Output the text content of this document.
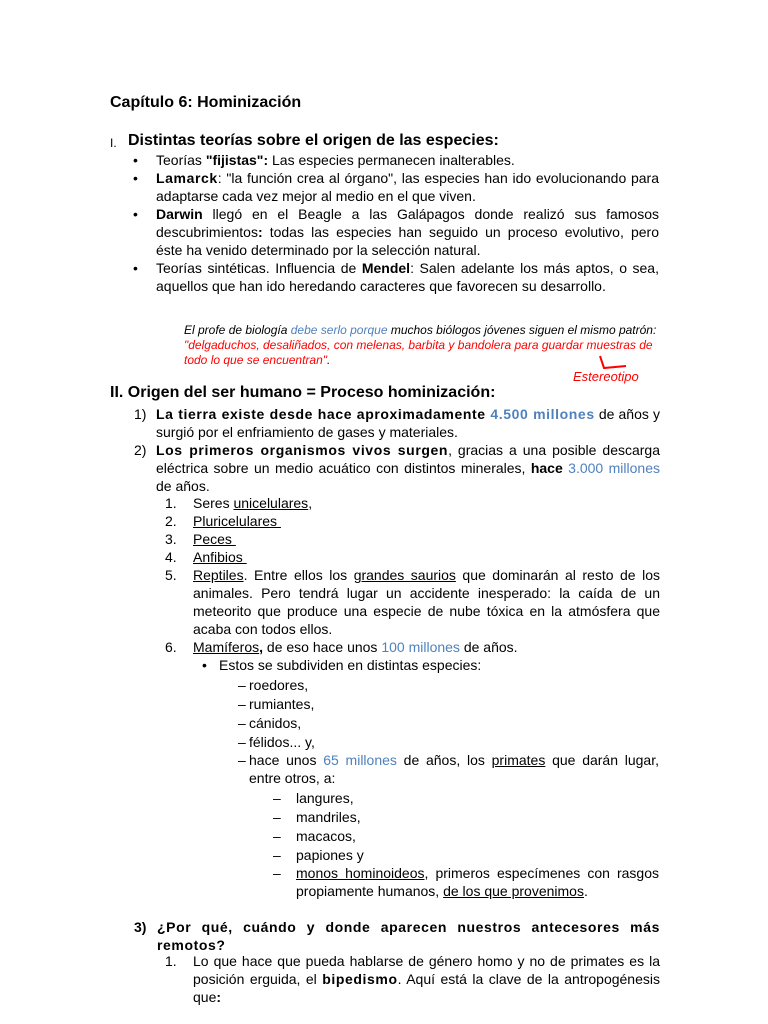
Capítulo 6: Hominización
I. Distintas teorías sobre el origen de las especies:
• Teorías "fijistas": Las especies permanecen inalterables.
• Lamarck: "la función crea al órgano", las especies han ido evolucionando para adaptarse cada vez mejor al medio en el que viven.
• Darwin llegó en el Beagle a las Galápagos donde realizó sus famosos descubrimientos: todas las especies han seguido un proceso evolutivo, pero éste ha venido determinado por la selección natural.
• Teorías sintéticas. Influencia de Mendel: Salen adelante los más aptos, o sea, aquellos que han ido heredando caracteres que favorecen su desarrollo.
El profe de biología debe serlo porque muchos biólogos jóvenes siguen el mismo patrón: "delgaduchos, desaliñados, con melenas, barbita y bandolera para guardar muestras de todo lo que se encuentran".
Estereotipo
II. Origen del ser humano = Proceso hominización:
1) La tierra existe desde hace aproximadamente 4.500 millones de años y surgió por el enfriamiento de gases y materiales.
2) Los primeros organismos vivos surgen, gracias a una posible descarga eléctrica sobre un medio acuático con distintos minerales, hace 3.000 millones de años.
1. Seres unicelulares,
2. Pluricelulares
3. Peces
4. Anfibios
5. Reptiles. Entre ellos los grandes saurios que dominarán al resto de los animales. Pero tendrá lugar un accidente inesperado: la caída de un meteorito que produce una especie de nube tóxica en la atmósfera que acaba con todos ellos.
6. Mamíferos, de eso hace unos 100 millones de años.
• Estos se subdividen en distintas especies:
– roedores,
– rumiantes,
– cánidos,
– félidos... y,
– hace unos 65 millones de años, los primates que darán lugar, entre otros, a:
– langures,
– mandriles,
– macacos,
– papiones y
– monos hominoideos, primeros especímenes con rasgos propiamente humanos, de los que provenimos.
3) ¿Por qué, cuándo y donde aparecen nuestros antecesores más remotos?
1. Lo que hace que pueda hablarse de género homo y no de primates es la posición erguida, el bipedismo. Aquí está la clave de la antropogénesis que:
